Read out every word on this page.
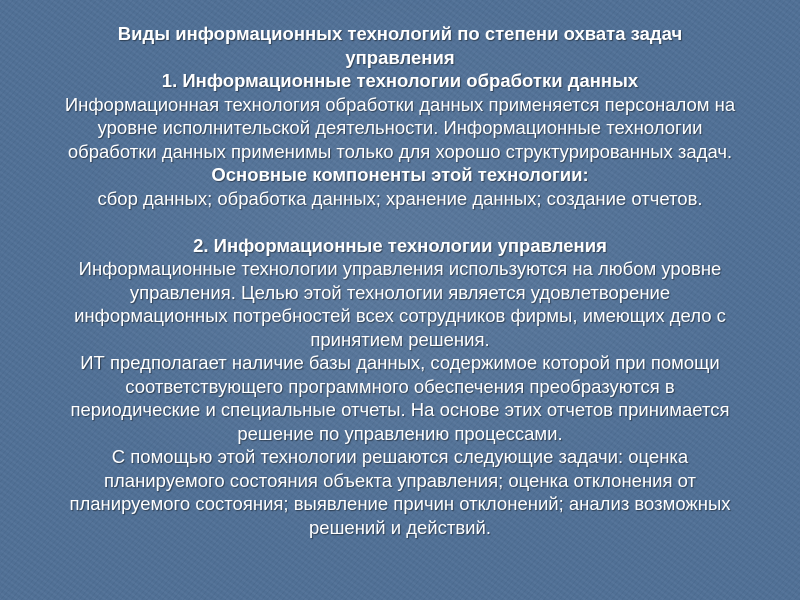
Виды информационных технологий по степени охвата задач
управления
1. Информационные технологии обработки данных
Информационная технология обработки данных применяется персоналом на
уровне исполнительской деятельности. Информационные технологии
обработки данных применимы только для хорошо структурированных задач.
Основные компоненты этой технологии:
сбор данных; обработка данных; хранение данных; создание отчетов.
2. Информационные технологии управления
Информационные технологии управления используются на любом уровне
управления. Целью этой технологии является удовлетворение
информационных потребностей всех сотрудников фирмы, имеющих дело с
принятием решения.
ИТ предполагает наличие базы данных, содержимое которой при помощи
соответствующего программного обеспечения преобразуются в
периодические и специальные отчеты. На основе этих отчетов принимается
решение по управлению процессами.
С помощью этой технологии решаются следующие задачи: оценка
планируемого состояния объекта управления; оценка отклонения от
планируемого состояния; выявление причин отклонений; анализ возможных
решений и действий.
